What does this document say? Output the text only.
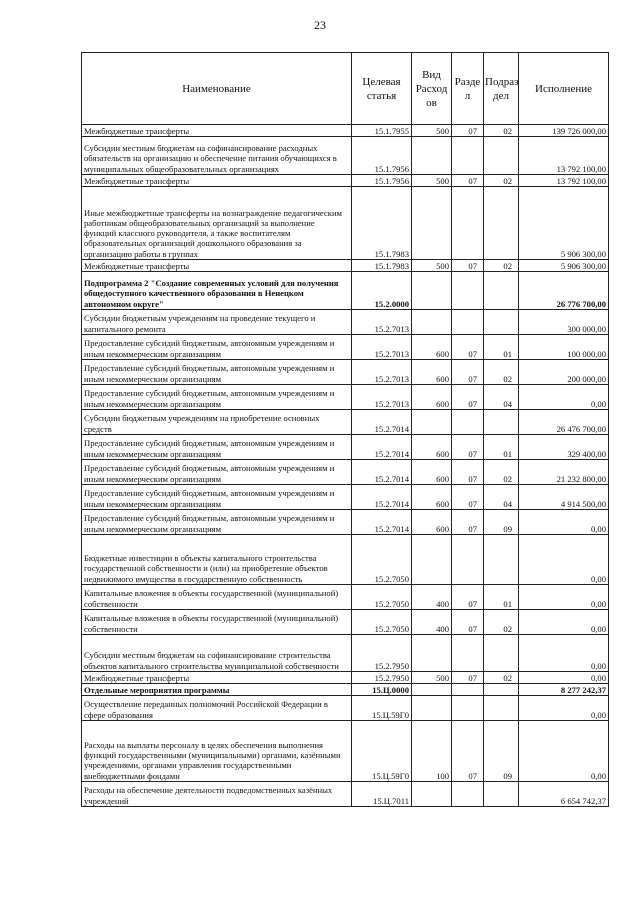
23
Наименование	Целевая статья	Вид Расход ов	Разде л	Подраз дел	Исполнение
Межбюджетные трансферты	15.1.7955	500	07	02	139 726 000,00
Субсидии местным бюджетам на софинансирование расходных обязательств на организацию и обеспечение питания обучающихся в муниципальных общеобразовательных организациях	15.1.7956				13 792 100,00
Межбюджетные трансферты	15.1.7956	500	07	02	13 792 100,00
Иные межбюджетные трансферты на вознаграждение педагогическим работникам общеобразовательных организаций за выполнение функций классного руководителя, а также воспитателям образовательных организаций дошкольного образования за организацию работы в группах	15.1.7983				5 906 300,00
Межбюджетные трансферты	15.1.7983	500	07	02	5 906 300,00
Подпрограмма 2 "Создание современных условий для получения общедоступного качественного образования в Ненецком автономном округе"	15.2.0000				26 776 700,00
Субсидии бюджетным учреждениям на проведение текущего и капитального ремонта	15.2.7013				300 000,00
Предоставление субсидий бюджетным, автономным учреждениям и иным некоммерческим организациям	15.2.7013	600	07	01	100 000,00
Предоставление субсидий бюджетным, автономным учреждениям и иным некоммерческим организациям	15.2.7013	600	07	02	200 000,00
Предоставление субсидий бюджетным, автономным учреждениям и иным некоммерческим организациям	15.2.7013	600	07	04	0,00
Субсидии бюджетным учреждениям на приобретение основных средств	15.2.7014				26 476 700,00
Предоставление субсидий бюджетным, автономным учреждениям и иным некоммерческим организациям	15.2.7014	600	07	01	329 400,00
Предоставление субсидий бюджетным, автономным учреждениям и иным некоммерческим организациям	15.2.7014	600	07	02	21 232 800,00
Предоставление субсидий бюджетным, автономным учреждениям и иным некоммерческим организациям	15.2.7014	600	07	04	4 914 500,00
Предоставление субсидий бюджетным, автономным учреждениям и иным некоммерческим организациям	15.2.7014	600	07	09	0,00
Бюджетные инвестиции в объекты капитального строительства государственной собственности и (или) на приобретение объектов недвижимого имущества в государственную собственность	15.2.7050				0,00
Капитальные вложения в объекты государственной (муниципальной) собственности	15.2.7050	400	07	01	0,00
Капитальные вложения в объекты государственной (муниципальной) собственности	15.2.7050	400	07	02	0,00
Субсидии местным бюджетам на софинансирование строительства объектов капитального строительства муниципальной собственности	15.2.7950				0,00
Межбюджетные трансферты	15.2.7950	500	07	02	0,00
Отдельные мероприятия программы	15.Ц.0000				8 277 242,37
Осуществление переданных полномочий Российской Федерации в сфере образования	15.Ц.59Г0				0,00
Расходы на выплаты персоналу в целях обеспечения выполнения функций государственными (муниципальными) органами, казёнными учреждениями, органами управления государственными внебюджетными фондами	15.Ц.59Г0	100	07	09	0,00
Расходы на обеспечение деятельности подведомственных казённых учреждений	15.Ц.7011				6 654 742,37
